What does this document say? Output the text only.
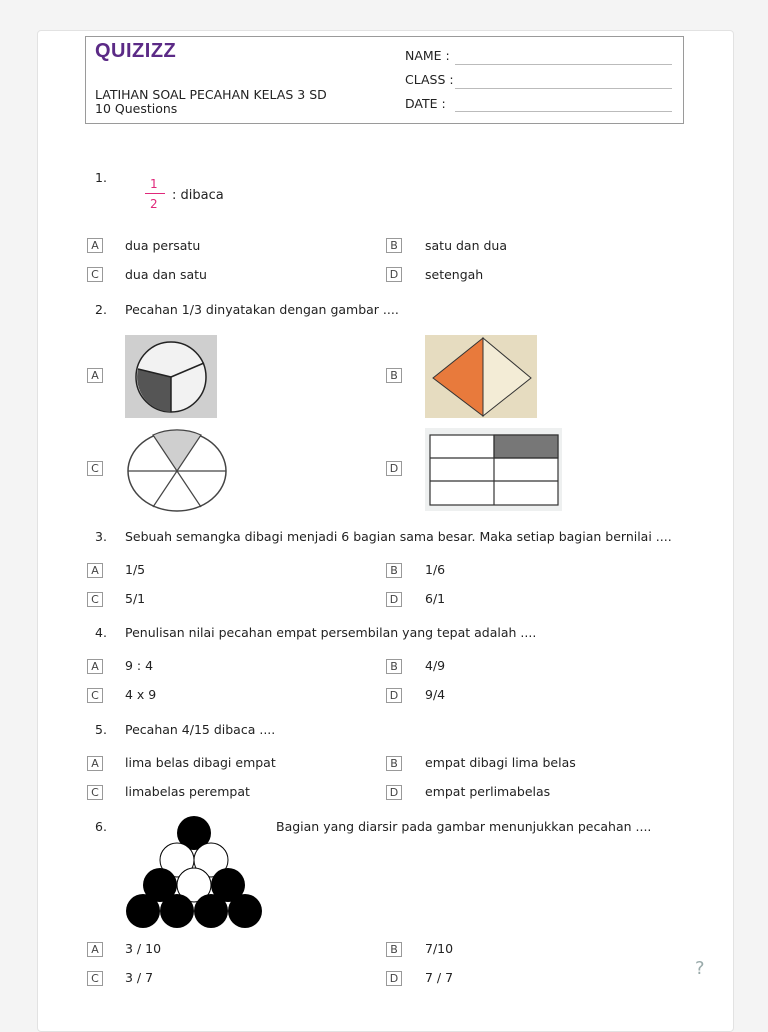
QUIZIZZ
LATIHAN SOAL PECAHAN KELAS 3 SD
10 Questions
NAME :
CLASS :
DATE :
1.	1
2
: dibaca
A	dua persatu	B	satu dan dua
C	dua dan satu	D	setengah
2. Pecahan 1/3 dinyatakan dengan gambar ....
A	B
C	D
3. Sebuah semangka dibagi menjadi 6 bagian sama besar. Maka setiap bagian bernilai ....
A	1/5	B	1/6
C	5/1	D	6/1
4. Penulisan nilai pecahan empat persembilan yang tepat adalah ....
A	9 : 4	B	4/9
C	4 x 9	D	9/4
5. Pecahan 4/15 dibaca ....
A	lima belas dibagi empat	B	empat dibagi lima belas
C	limabelas perempat	D	empat perlimabelas
6.	Bagian yang diarsir pada gambar menunjukkan pecahan ....
A	3 / 10	B	7/10
C	3 / 7	D	7 / 7	?
